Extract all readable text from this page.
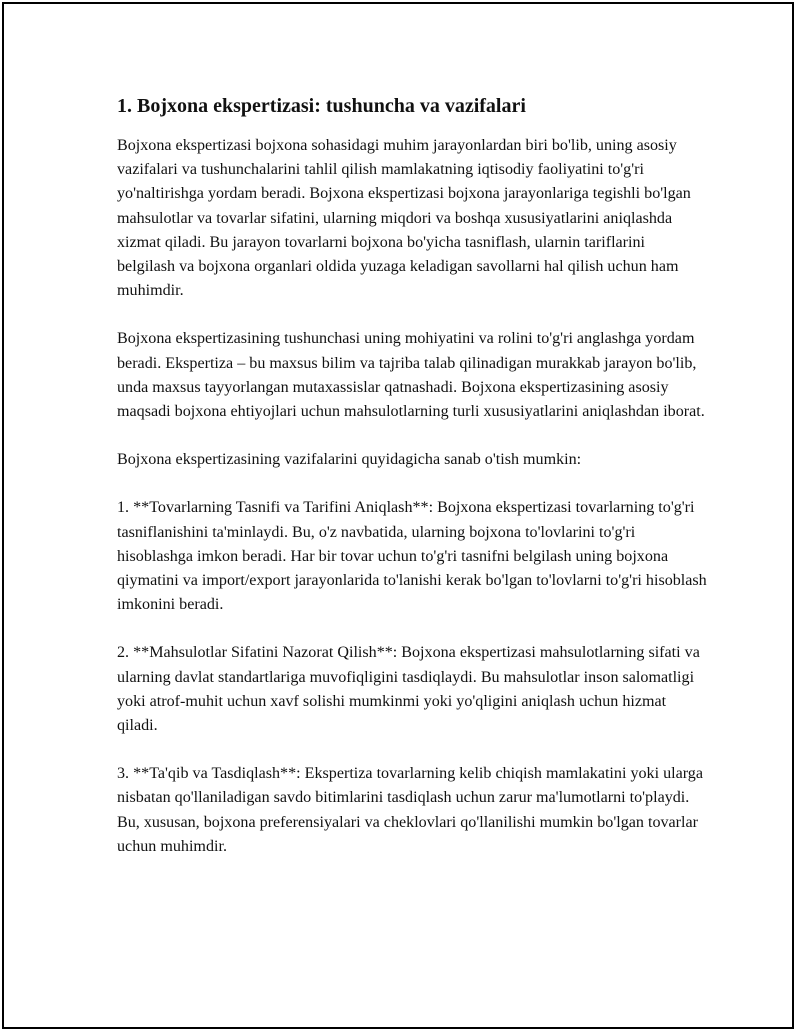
1. Bojxona ekspertizasi: tushuncha va vazifalari

Bojxona ekspertizasi bojxona sohasidagi muhim jarayonlardan biri bo'lib, uning asosiy vazifalari va tushunchalarini tahlil qilish mamlakatning iqtisodiy faoliyatini to'g'ri yo'naltirishga yordam beradi. Bojxona ekspertizasi bojxona jarayonlariga tegishli bo'lgan mahsulotlar va tovarlar sifatini, ularning miqdori va boshqa xususiyatlarini aniqlashda xizmat qiladi. Bu jarayon tovarlarni bojxona bo'yicha tasniflash, ularnin tariflarini belgilash va bojxona organlari oldida yuzaga keladigan savollarni hal qilish uchun ham muhimdir.

Bojxona ekspertizasining tushunchasi uning mohiyatini va rolini to'g'ri anglashga yordam beradi. Ekspertiza – bu maxsus bilim va tajriba talab qilinadigan murakkab jarayon bo'lib, unda maxsus tayyorlangan mutaxassislar qatnashadi. Bojxona ekspertizasining asosiy maqsadi bojxona ehtiyojlari uchun mahsulotlarning turli xususiyatlarini aniqlashdan iborat.

Bojxona ekspertizasining vazifalarini quyidagicha sanab o'tish mumkin:

1. **Tovarlarning Tasnifi va Tarifini Aniqlash**: Bojxona ekspertizasi tovarlarning to'g'ri tasniflanishini ta'minlaydi. Bu, o'z navbatida, ularning bojxona to'lovlarini to'g'ri hisoblashga imkon beradi. Har bir tovar uchun to'g'ri tasnifni belgilash uning bojxona qiymatini va import/export jarayonlarida to'lanishi kerak bo'lgan to'lovlarni to'g'ri hisoblash imkonini beradi.

2. **Mahsulotlar Sifatini Nazorat Qilish**: Bojxona ekspertizasi mahsulotlarning sifati va ularning davlat standartlariga muvofiqligini tasdiqlaydi. Bu mahsulotlar inson salomatligi yoki atrof-muhit uchun xavf solishi mumkinmi yoki yo'qligini aniqlash uchun hizmat qiladi.

3. **Ta'qib va Tasdiqlash**: Ekspertiza tovarlarning kelib chiqish mamlakatini yoki ularga nisbatan qo'llaniladigan savdo bitimlarini tasdiqlash uchun zarur ma'lumotlarni to'playdi. Bu, xususan, bojxona preferensiyalari va cheklovlari qo'llanilishi mumkin bo'lgan tovarlar uchun muhimdir.
